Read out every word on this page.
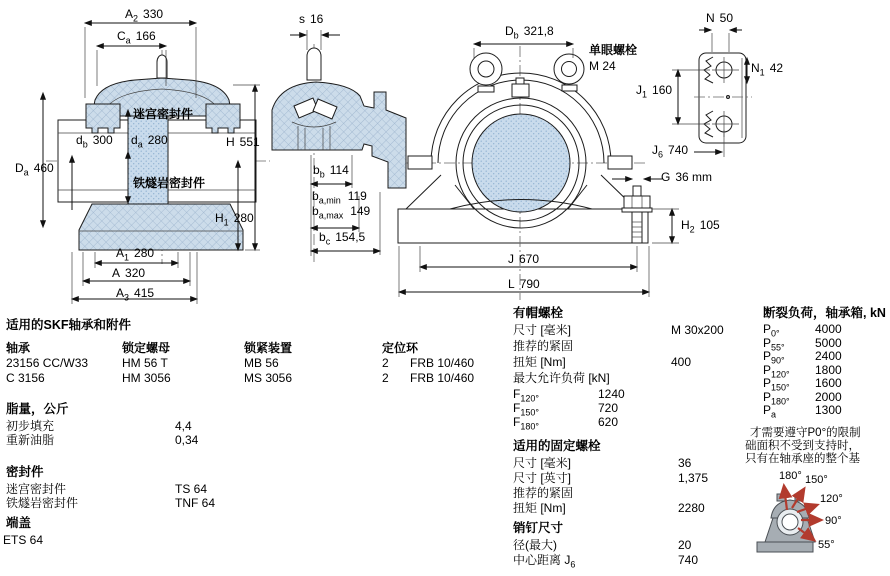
$A_2$ 330
$C_a$ 166
迷宫密封件
$d_b$ 300 $d_a$ 280	H 551
$D_a$ 460
铁燧岩密封件
$H_1$ 280
$A_1$ 280
A 320
$A_3$ 415
s 16
$b_b$ 114
$b_{a,min}$ 119
$b_{a,max}$ 149
$b_c$ 154,5
$D_b$ 321,8
单眼螺栓
M 24
G 36 mm
$H_2$ 105
J 670
L 790
N 50
$N_1$ 42
$J_1$ 160
$J_6$ 740
适用的SKF轴承和附件
轴承	锁定螺母	锁紧装置	定位环
23156 CC/W33	HM 56 T	MB 56	2	FRB 10/460
C 3156	HM 3056	MS 3056	2	FRB 10/460
脂量，公斤
初步填充	4,4
重新油脂	0,34
密封件
迷宫密封件	TS 64
铁燧岩密封件	TNF 64
端盖
ETS 64
有帽螺栓
尺寸 [毫米]	M 30x200
推荐的紧固
扭矩 [Nm]	400
最大允许负荷 [kN]
$F_{120^\circ}$	1240
$F_{150^\circ}$	720
$F_{180^\circ}$	620
适用的固定螺栓
尺寸 [毫米]	36
尺寸 [英寸]	1,375
推荐的紧固
扭矩 [Nm]	2280
销钉尺寸
径(最大)	20
中心距离 $J_6$	740
断裂负荷，轴承箱, kN
$P_{0^\circ}$	4000
$P_{55^\circ}$	5000
$P_{90^\circ}$	2400
$P_{120^\circ}$	1800
$P_{150^\circ}$	1600
$P_{180^\circ}$	2000
$P_a$	1300
才需要遵守P0°的限制
础面积不受到支持时，
只有在轴承座的整个基
180° 150°
120°
90°
55°
